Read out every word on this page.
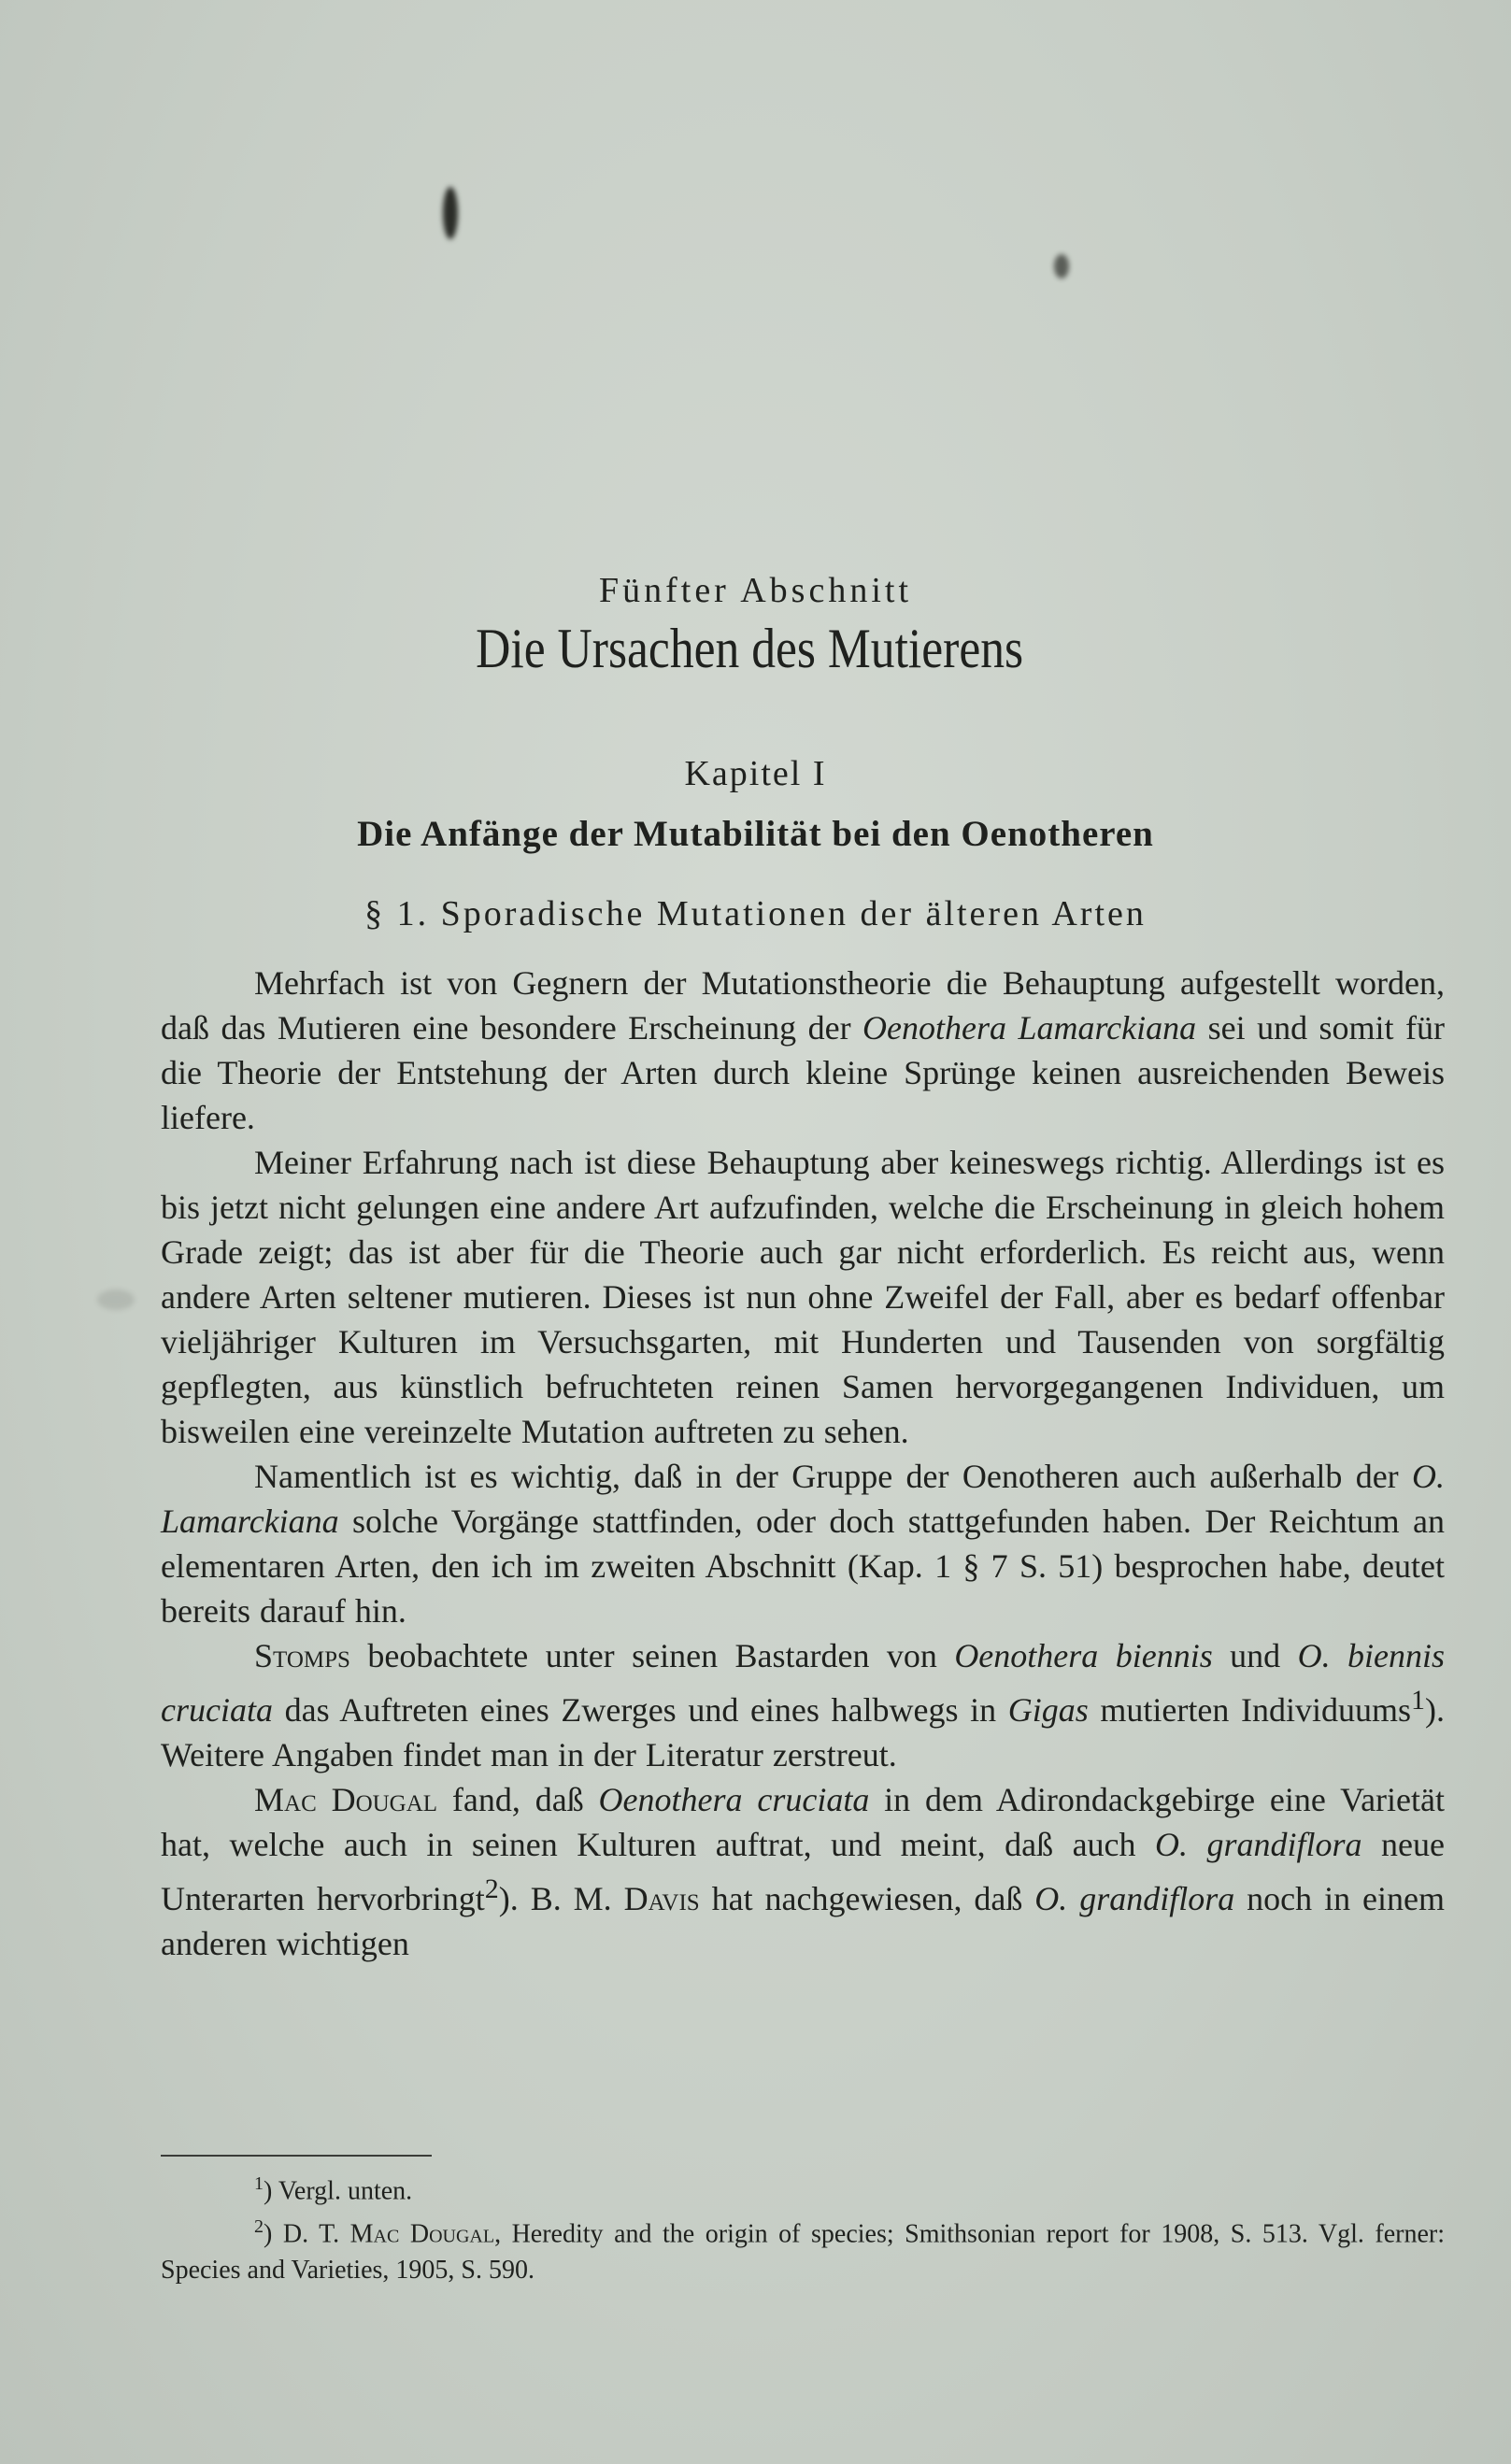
Fünfter Abschnitt
Die Ursachen des Mutierens
Kapitel I
Die Anfänge der Mutabilität bei den Oenotheren
§ 1. Sporadische Mutationen der älteren Arten

Mehrfach ist von Gegnern der Mutationstheorie die Behauptung aufgestellt worden, daß das Mutieren eine besondere Erscheinung der Oenothera Lamarckiana sei und somit für die Theorie der Entstehung der Arten durch kleine Sprünge keinen ausreichenden Beweis liefere.

Meiner Erfahrung nach ist diese Behauptung aber keineswegs richtig. Allerdings ist es bis jetzt nicht gelungen eine andere Art aufzufinden, welche die Erscheinung in gleich hohem Grade zeigt; das ist aber für die Theorie auch gar nicht erforderlich. Es reicht aus, wenn andere Arten seltener mutieren. Dieses ist nun ohne Zweifel der Fall, aber es bedarf offenbar vieljähriger Kulturen im Versuchsgarten, mit Hunderten und Tausenden von sorgfältig gepflegten, aus künstlich befruchteten reinen Samen hervorgegangenen Individuen, um bisweilen eine vereinzelte Mutation auftreten zu sehen.

Namentlich ist es wichtig, daß in der Gruppe der Oenotheren auch außerhalb der O. Lamarckiana solche Vorgänge stattfinden, oder doch stattgefunden haben. Der Reichtum an elementaren Arten, den ich im zweiten Abschnitt (Kap. 1 § 7 S. 51) besprochen habe, deutet bereits darauf hin.

Stomps beobachtete unter seinen Bastarden von Oenothera biennis und O. biennis cruciata das Auftreten eines Zwerges und eines halbwegs in Gigas mutierten Individuums$^1$). Weitere Angaben findet man in der Literatur zerstreut.

Mac Dougal fand, daß Oenothera cruciata in dem Adirondackgebirge eine Varietät hat, welche auch in seinen Kulturen auftrat, und meint, daß auch O. grandiflora neue Unterarten hervorbringt$^2$). B. M. Davis hat nachgewiesen, daß O. grandiflora noch in einem anderen wichtigen

$^1$) Vergl. unten.

$^2$) D. T. Mac Dougal, Heredity and the origin of species; Smithsonian report for 1908, S. 513. Vgl. ferner: Species and Varieties, 1905, S. 590.
